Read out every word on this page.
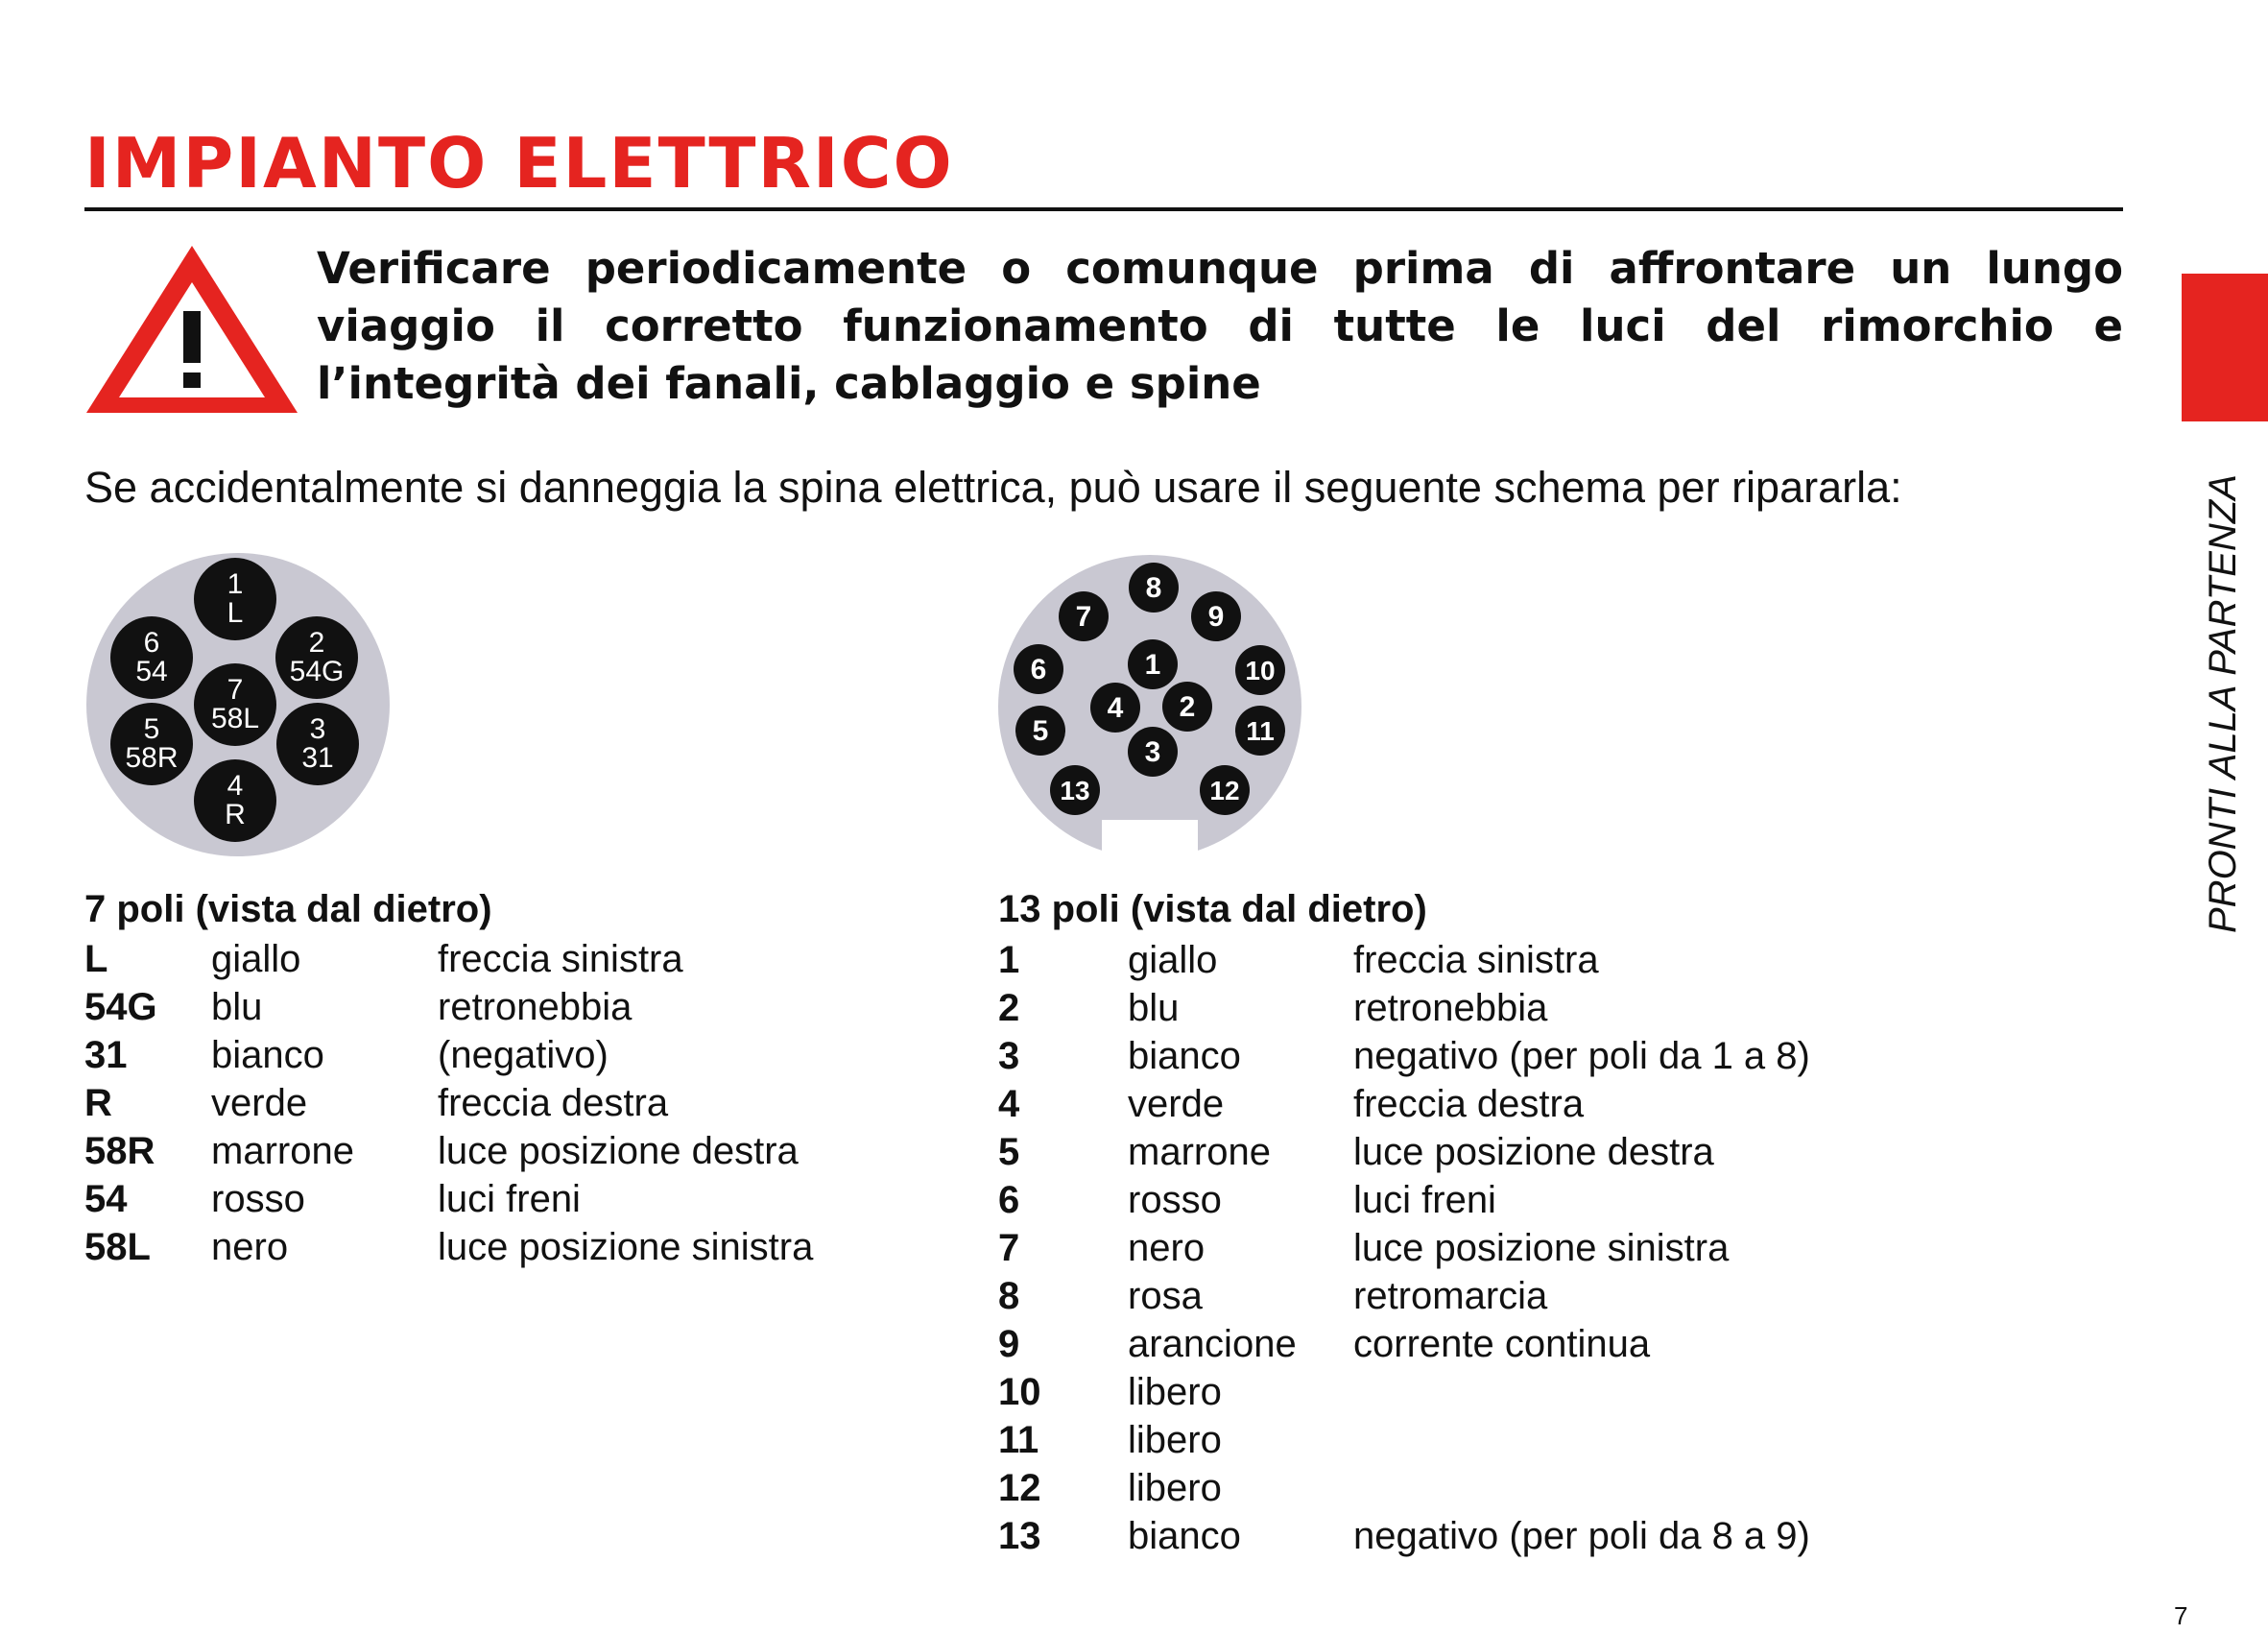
IMPIANTO ELETTRICO

Verificare periodicamente o comunque prima di affrontare un lungo viaggio il corretto funzionamento di tutte le luci del rimorchio e l’integrità dei fanali, cablaggio e spine

Se accidentalmente si danneggia la spina elettrica, può usare il seguente schema per ripararla:

1
L
2
54G
3
31
4
R
5
58R
6
54
7
58L
1
2
3
4
5
6
7
8
9
10
11
12
13

7 poli (vista dal dietro)

L	giallo	freccia sinistra
54G	blu	retronebbia
31	bianco	(negativo)
R	verde	freccia destra
58R	marrone	luce posizione destra
54	rosso	luci freni
58L	nero	luce posizione sinistra

13 poli (vista dal dietro)

1	giallo	freccia sinistra
2	blu	retronebbia
3	bianco	negativo (per poli da 1 a 8)
4	verde	freccia destra
5	marrone	luce posizione destra
6	rosso	luci freni
7	nero	luce posizione sinistra
8	rosa	retromarcia
9	arancione	corrente continua
10	libero	
11	libero	
12	libero	
13	bianco	negativo (per poli da 8 a 9)

PRONTI ALLA PARTENZA

7
